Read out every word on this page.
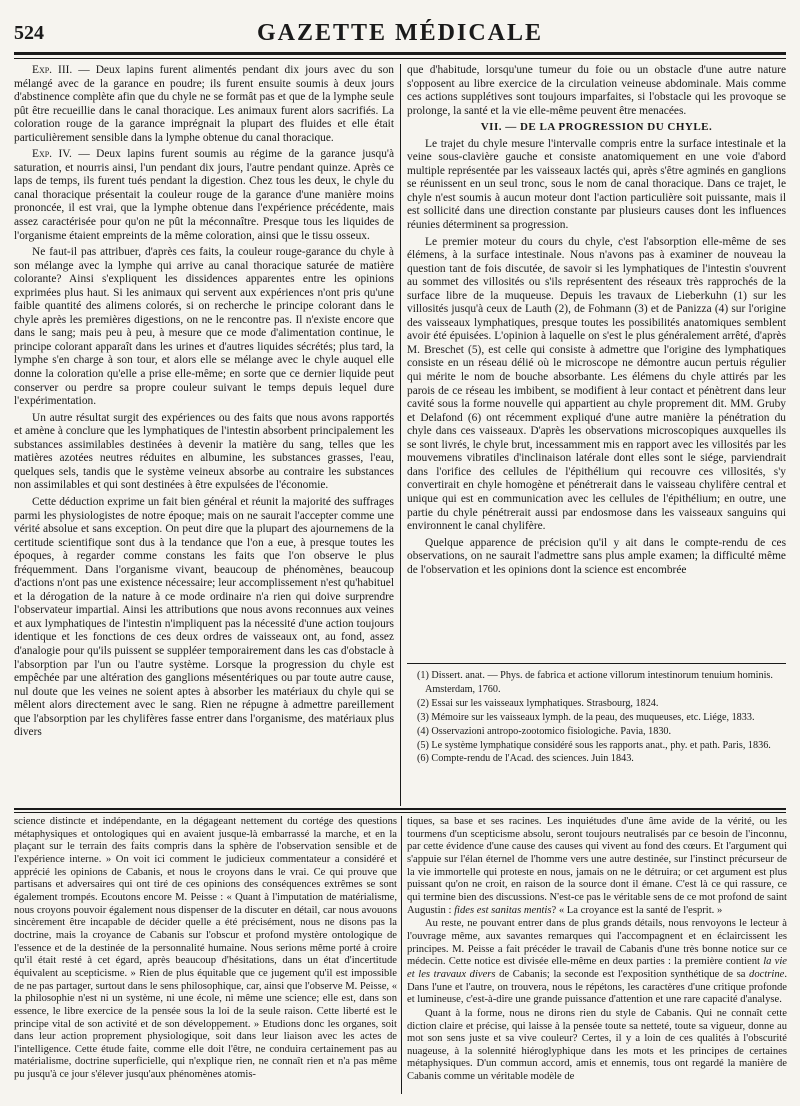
524	GAZETTE MÉDICALE

Exp. III. — Deux lapins furent alimentés pendant dix jours avec du son mélangé avec de la garance en poudre; ils furent ensuite soumis à deux jours d'abstinence complète afin que du chyle ne se formât pas et que de la lymphe seule pût être recueillie dans le canal thoracique. Les animaux furent alors sacrifiés. La coloration rouge de la garance imprégnait la plupart des fluides et elle était particulièrement sensible dans la lymphe obtenue du canal thoracique.

Exp. IV. — Deux lapins furent soumis au régime de la garance jusqu'à saturation, et nourris ainsi, l'un pendant dix jours, l'autre pendant quinze. Après ce laps de temps, ils furent tués pendant la digestion. Chez tous les deux, le chyle du canal thoracique présentait la couleur rouge de la garance d'une manière moins prononcée, il est vrai, que la lymphe obtenue dans l'expérience précédente, mais assez caractérisée pour qu'on ne pût la méconnaître. Presque tous les liquides de l'organisme étaient empreints de la même coloration, ainsi que le tissu osseux.

Ne faut-il pas attribuer, d'après ces faits, la couleur rouge-garance du chyle à son mélange avec la lymphe qui arrive au canal thoracique saturée de matière colorante? Ainsi s'expliquent les dissidences apparentes entre les opinions exprimées plus haut. Si les animaux qui servent aux expériences n'ont pris qu'une faible quantité des alimens colorés, si on recherche le principe colorant dans le chyle après les premières digestions, on ne le rencontre pas. Il n'existe encore que dans le sang; mais peu à peu, à mesure que ce mode d'alimentation continue, le principe colorant apparaît dans les urines et d'autres liquides sécrétés; plus tard, la lymphe s'en charge à son tour, et alors elle se mélange avec le chyle auquel elle donne la coloration qu'elle a prise elle-même; en sorte que ce dernier liquide peut conserver ou perdre sa propre couleur suivant le temps depuis lequel dure l'expérimentation.

Un autre résultat surgit des expériences ou des faits que nous avons rapportés et amène à conclure que les lymphatiques de l'intestin absorbent principalement les substances assimilables destinées à devenir la matière du sang, telles que les matières azotées neutres réduites en albumine, les substances grasses, l'eau, quelques sels, tandis que le système veineux absorbe au contraire les substances non assimilables et qui sont destinées à être expulsées de l'économie.

Cette déduction exprime un fait bien général et réunit la majorité des suffrages parmi les physiologistes de notre époque; mais on ne saurait l'accepter comme une vérité absolue et sans exception. On peut dire que la plupart des ajournemens de la certitude scientifique sont dus à la tendance que l'on a eue, à presque toutes les époques, à regarder comme constans les faits que l'on observe le plus fréquemment. Dans l'organisme vivant, beaucoup de phénomènes, beaucoup d'actions n'ont pas une existence nécessaire; leur accomplissement n'est qu'habituel et la dérogation de la nature à ce mode ordinaire n'a rien qui doive surprendre l'observateur impartial. Ainsi les attributions que nous avons reconnues aux veines et aux lymphatiques de l'intestin n'impliquent pas la nécessité d'une action toujours identique et les fonctions de ces deux ordres de vaisseaux ont, au fond, assez d'analogie pour qu'ils puissent se suppléer temporairement dans les cas d'obstacle à l'absorption par l'un ou l'autre système. Lorsque la progression du chyle est empêchée par une altération des ganglions mésentériques ou par toute autre cause, nul doute que les veines ne soient aptes à absorber les matériaux du chyle qui se mêlent alors directement avec le sang. Rien ne répugne à admettre pareillement que l'absorption par les chylifères fasse entrer dans l'organisme, des matériaux plus divers

que d'habitude, lorsqu'une tumeur du foie ou un obstacle d'une autre nature s'opposent au libre exercice de la circulation veineuse abdominale. Mais comme ces actions supplétives sont toujours imparfaites, si l'obstacle qui les provoque se prolonge, la santé et la vie elle-même peuvent être menacées.

VII. — DE LA PROGRESSION DU CHYLE.

Le trajet du chyle mesure l'intervalle compris entre la surface intestinale et la veine sous-clavière gauche et consiste anatomiquement en une voie d'abord multiple représentée par les vaisseaux lactés qui, après s'être agminés en ganglions se réunissent en un seul tronc, sous le nom de canal thoracique. Dans ce trajet, le chyle n'est soumis à aucun moteur dont l'action particulière soit puissante, mais il est sollicité dans une direction constante par plusieurs causes dont les influences réunies déterminent sa progression.

Le premier moteur du cours du chyle, c'est l'absorption elle-même de ses élémens, à la surface intestinale. Nous n'avons pas à examiner de nouveau la question tant de fois discutée, de savoir si les lymphatiques de l'intestin s'ouvrent au sommet des villosités ou s'ils représentent des réseaux très rapprochés de la surface libre de la muqueuse. Depuis les travaux de Lieberkuhn (1) sur les villosités jusqu'à ceux de Lauth (2), de Fohmann (3) et de Panizza (4) sur l'origine des vaisseaux lymphatiques, presque toutes les possibilités anatomiques semblent avoir été épuisées. L'opinion à laquelle on s'est le plus généralement arrêté, d'après M. Breschet (5), est celle qui consiste à admettre que l'origine des lymphatiques consiste en un réseau délié où le microscope ne démontre aucun pertuis régulier qui mérite le nom de bouche absorbante. Les élémens du chyle attirés par les parois de ce réseau les imbibent, se modifient à leur contact et pénètrent dans leur cavité sous la forme nouvelle qui appartient au chyle proprement dit. MM. Gruby et Delafond (6) ont récemment expliqué d'une autre manière la pénétration du chyle dans ces vaisseaux. D'après les observations microscopiques auxquelles ils se sont livrés, le chyle brut, incessamment mis en rapport avec les villosités par les mouvemens vibratiles d'inclinaison latérale dont elles sont le siége, parviendrait dans l'orifice des cellules de l'épithélium qui recouvre ces villosités, s'y convertirait en chyle homogène et pénétrerait dans le vaisseau chylifère central et unique qui est en communication avec les cellules de l'épithélium; en outre, une partie du chyle pénétrerait aussi par endosmose dans les vaisseaux sanguins qui environnent le canal chylifère.

Quelque apparence de précision qu'il y ait dans le compte-rendu de ces observations, on ne saurait l'admettre sans plus ample examen; la difficulté même de l'observation et les opinions dont la science est encombrée

(1) Dissert. anat. — Phys. de fabrica et actione villorum intestinorum tenuium hominis. Amsterdam, 1760.
(2) Essai sur les vaisseaux lymphatiques. Strasbourg, 1824.
(3) Mémoire sur les vaisseaux lymph. de la peau, des muqueuses, etc. Liége, 1833.
(4) Osservazioni antropo-zootomico fisiologiche. Pavia, 1830.
(5) Le système lymphatique considéré sous les rapports anat., phy. et path. Paris, 1836.
(6) Compte-rendu de l'Acad. des sciences. Juin 1843.

science distincte et indépendante, en la dégageant nettement du cortége des questions métaphysiques et ontologiques qui en avaient jusque-là embarrassé la marche, et en la plaçant sur le terrain des faits compris dans la sphère de l'observation sensible et de l'expérience interne. » On voit ici comment le judicieux commentateur a considéré et apprécié les opinions de Cabanis, et nous le croyons dans le vrai. Ce qui prouve que partisans et adversaires qui ont tiré de ces opinions des conséquences extrêmes se sont également trompés. Ecoutons encore M. Peisse : « Quant à l'imputation de matérialisme, nous croyons pouvoir également nous dispenser de la discuter en détail, car nous avouons sincèrement être incapable de décider quelle a été précisément, nous ne disons pas la doctrine, mais la croyance de Cabanis sur l'obscur et profond mystère ontologique de l'essence et de la destinée de la personnalité humaine. Nous serions même porté à croire qu'il était resté à cet égard, après beaucoup d'hésitations, dans un état d'incertitude équivalent au scepticisme. » Rien de plus équitable que ce jugement qu'il est impossible de ne pas partager, surtout dans le sens philosophique, car, ainsi que l'observe M. Peisse, « la philosophie n'est ni un système, ni une école, ni même une science; elle est, dans son essence, le libre exercice de la pensée sous la loi de la seule raison. Cette liberté est le principe vital de son activité et de son développement. » Etudions donc les organes, soit dans leur action proprement physiologique, soit dans leur liaison avec les actes de l'intelligence. Cette étude faite, comme elle doit l'être, ne conduira certainement pas au matérialisme, doctrine superficielle, qui n'explique rien, ne connaît rien et n'a pas même pu jusqu'à ce jour s'élever jusqu'aux phénomènes atomis-

tiques, sa base et ses racines. Les inquiétudes d'une âme avide de la vérité, ou les tourmens d'un scepticisme absolu, seront toujours neutralisés par ce besoin de l'inconnu, par cette évidence d'une cause des causes qui vivent au fond des cœurs. Et l'argument qui s'appuie sur l'élan éternel de l'homme vers une autre destinée, sur l'instinct précurseur de la vie immortelle qui proteste en nous, jamais on ne le détruira; or cet argument est plus puissant qu'on ne croit, en raison de la source dont il émane. C'est là ce qui rassure, ce qui termine bien des discussions. N'est-ce pas le véritable sens de ce mot profond de saint Augustin : fides est sanitas mentis? « La croyance est la santé de l'esprit. »

Au reste, ne pouvant entrer dans de plus grands détails, nous renvoyons le lecteur à l'ouvrage même, aux savantes remarques qui l'accompagnent et en éclaircissent les principes. M. Peisse a fait précéder le travail de Cabanis d'une très bonne notice sur ce médecin. Cette notice est divisée elle-même en deux parties : la première contient la vie et les travaux divers de Cabanis; la seconde est l'exposition synthétique de sa doctrine. Dans l'une et l'autre, on trouvera, nous le répétons, les caractères d'une critique profonde et lumineuse, c'est-à-dire une grande puissance d'attention et une rare capacité d'analyse.

Quant à la forme, nous ne dirons rien du style de Cabanis. Qui ne connaît cette diction claire et précise, qui laisse à la pensée toute sa netteté, toute sa vigueur, donne au mot son sens juste et sa vive couleur? Certes, il y a loin de ces qualités à l'obscurité nuageuse, à la solennité hiéroglyphique dans les mots et les principes de certaines métaphysiques. D'un commun accord, amis et ennemis, tous ont regardé la manière de Cabanis comme un véritable modèle de
